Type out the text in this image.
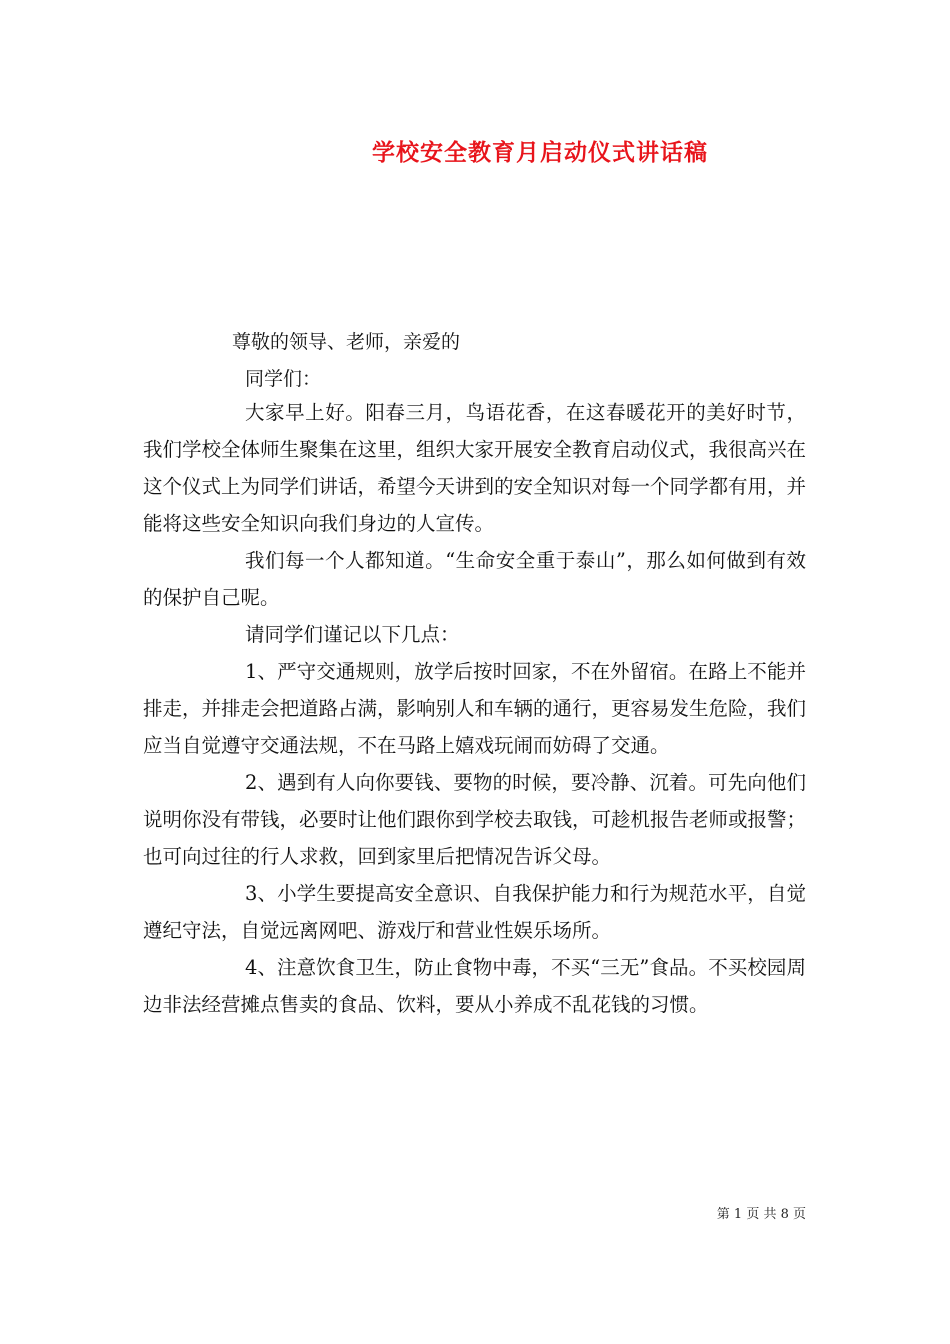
学校安全教育月启动仪式讲话稿
尊敬的领导、老师，亲爱的
同学们：

大家早上好。阳春三月，鸟语花香，在这春暖花开的美好时节，我们学校全体师生聚集在这里，组织大家开展安全教育启动仪式，我很高兴在这个仪式上为同学们讲话，希望今天讲到的安全知识对每一个同学都有用，并能将这些安全知识向我们身边的人宣传。

我们每一个人都知道。“生命安全重于泰山”，那么如何做到有效的保护自己呢。

请同学们谨记以下几点：

1、严守交通规则，放学后按时回家，不在外留宿。在路上不能并排走，并排走会把道路占满，影响别人和车辆的通行，更容易发生危险，我们应当自觉遵守交通法规，不在马路上嬉戏玩闹而妨碍了交通。

2、遇到有人向你要钱、要物的时候，要冷静、沉着。可先向他们说明你没有带钱，必要时让他们跟你到学校去取钱，可趁机报告老师或报警；也可向过往的行人求救，回到家里后把情况告诉父母。

3、小学生要提高安全意识、自我保护能力和行为规范水平，自觉遵纪守法，自觉远离网吧、游戏厅和营业性娱乐场所。

4、注意饮食卫生，防止食物中毒，不买“三无”食品。不买校园周边非法经营摊点售卖的食品、饮料，要从小养成不乱花钱的习惯。

第 1 页 共 8 页
